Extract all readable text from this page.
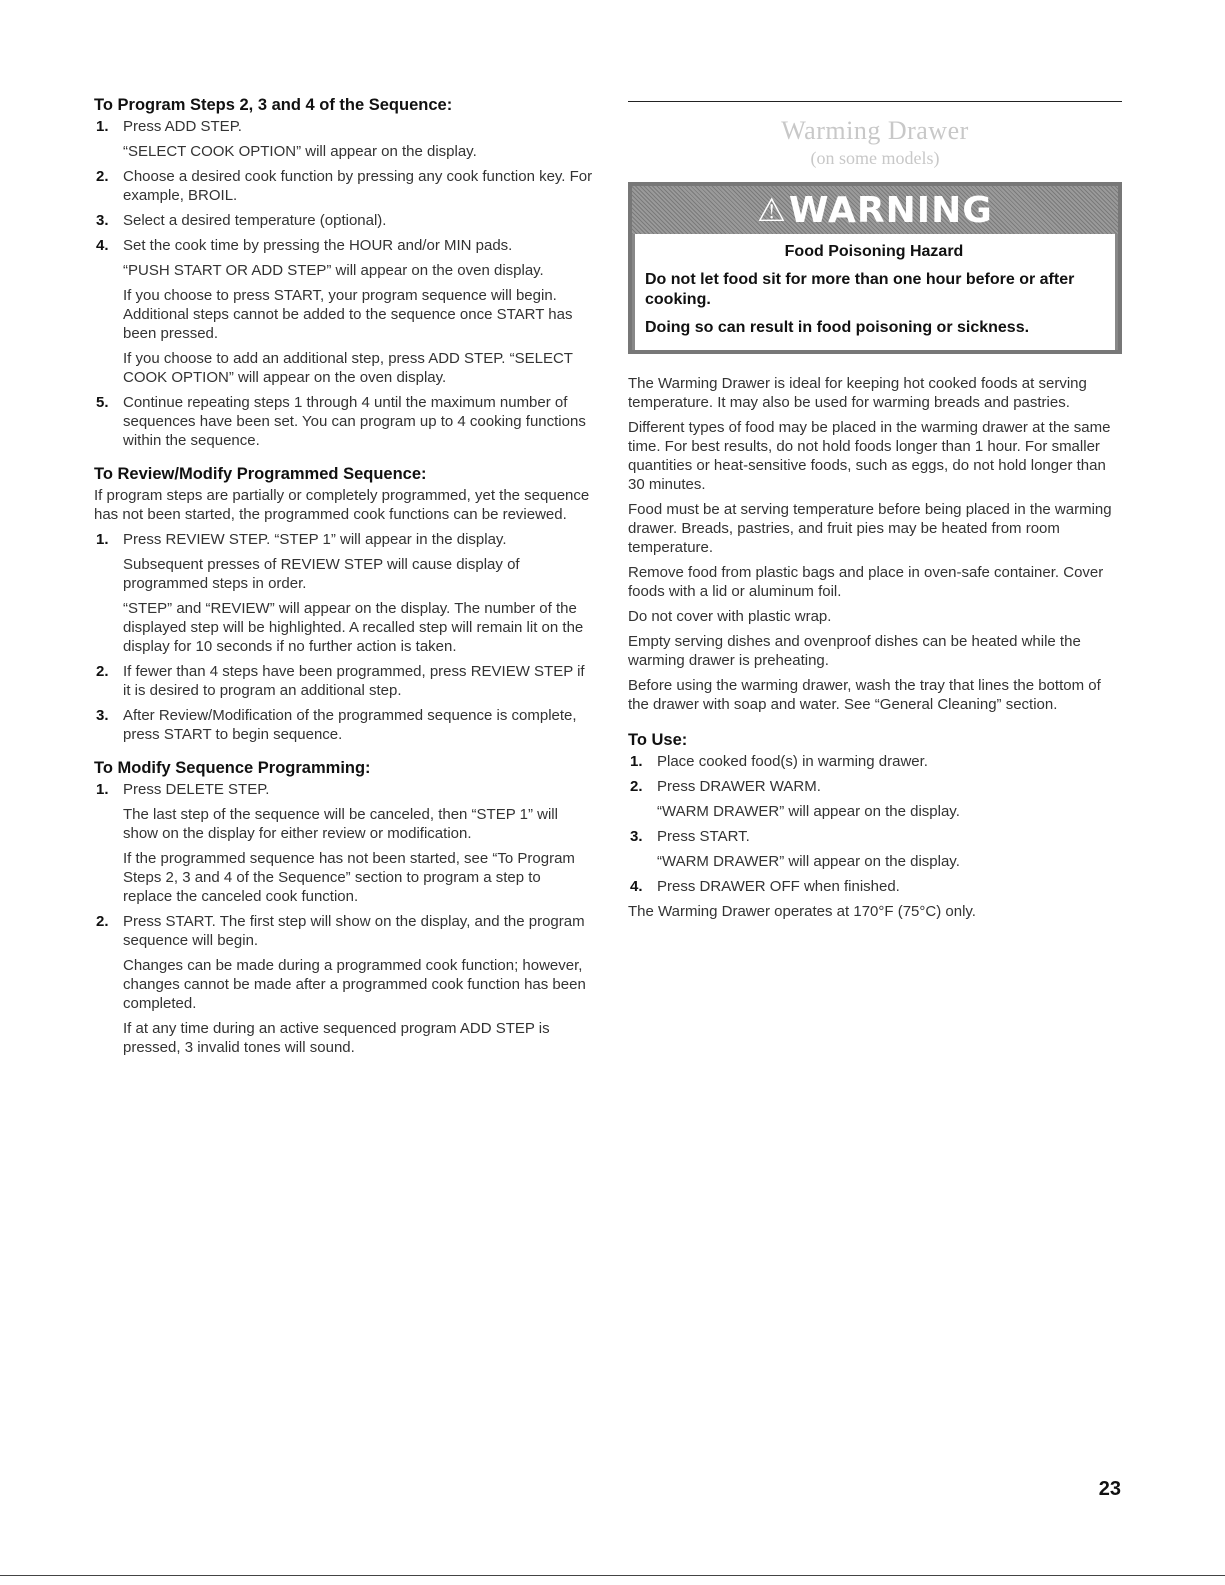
To Program Steps 2, 3 and 4 of the Sequence:
1. Press ADD STEP.
“SELECT COOK OPTION” will appear on the display.
2. Choose a desired cook function by pressing any cook function key. For example, BROIL.
3. Select a desired temperature (optional).
4. Set the cook time by pressing the HOUR and/or MIN pads.
“PUSH START OR ADD STEP” will appear on the oven display.
If you choose to press START, your program sequence will begin. Additional steps cannot be added to the sequence once START has been pressed.
If you choose to add an additional step, press ADD STEP. “SELECT COOK OPTION” will appear on the oven display.
5. Continue repeating steps 1 through 4 until the maximum number of sequences have been set. You can program up to 4 cooking functions within the sequence.
To Review/Modify Programmed Sequence:

If program steps are partially or completely programmed, yet the sequence has not been started, the programmed cook functions can be reviewed.

1. Press REVIEW STEP. “STEP 1” will appear in the display.
Subsequent presses of REVIEW STEP will cause display of programmed steps in order.
“STEP” and “REVIEW” will appear on the display. The number of the displayed step will be highlighted. A recalled step will remain lit on the display for 10 seconds if no further action is taken.
2. If fewer than 4 steps have been programmed, press REVIEW STEP if it is desired to program an additional step.
3. After Review/Modification of the programmed sequence is complete, press START to begin sequence.
To Modify Sequence Programming:
1. Press DELETE STEP.
The last step of the sequence will be canceled, then “STEP 1” will show on the display for either review or modification.
If the programmed sequence has not been started, see “To Program Steps 2, 3 and 4 of the Sequence” section to program a step to replace the canceled cook function.
2. Press START. The first step will show on the display, and the program sequence will begin.
Changes can be made during a programmed cook function; however, changes cannot be made after a programmed cook function has been completed.
If at any time during an active sequenced program ADD STEP is pressed, 3 invalid tones will sound.
Warming Drawer
(on some models)
⚠ WARNING
Food Poisoning Hazard
Do not let food sit for more than one hour before or after cooking.
Doing so can result in food poisoning or sickness.

The Warming Drawer is ideal for keeping hot cooked foods at serving temperature. It may also be used for warming breads and pastries.

Different types of food may be placed in the warming drawer at the same time. For best results, do not hold foods longer than 1 hour. For smaller quantities or heat-sensitive foods, such as eggs, do not hold longer than 30 minutes.

Food must be at serving temperature before being placed in the warming drawer. Breads, pastries, and fruit pies may be heated from room temperature.

Remove food from plastic bags and place in oven-safe container. Cover foods with a lid or aluminum foil.

Do not cover with plastic wrap.

Empty serving dishes and ovenproof dishes can be heated while the warming drawer is preheating.

Before using the warming drawer, wash the tray that lines the bottom of the drawer with soap and water. See “General Cleaning” section.

To Use:
1. Place cooked food(s) in warming drawer.
2. Press DRAWER WARM.
“WARM DRAWER” will appear on the display.
3. Press START.
“WARM DRAWER” will appear on the display.
4. Press DRAWER OFF when finished.

The Warming Drawer operates at 170°F (75°C) only.

23
